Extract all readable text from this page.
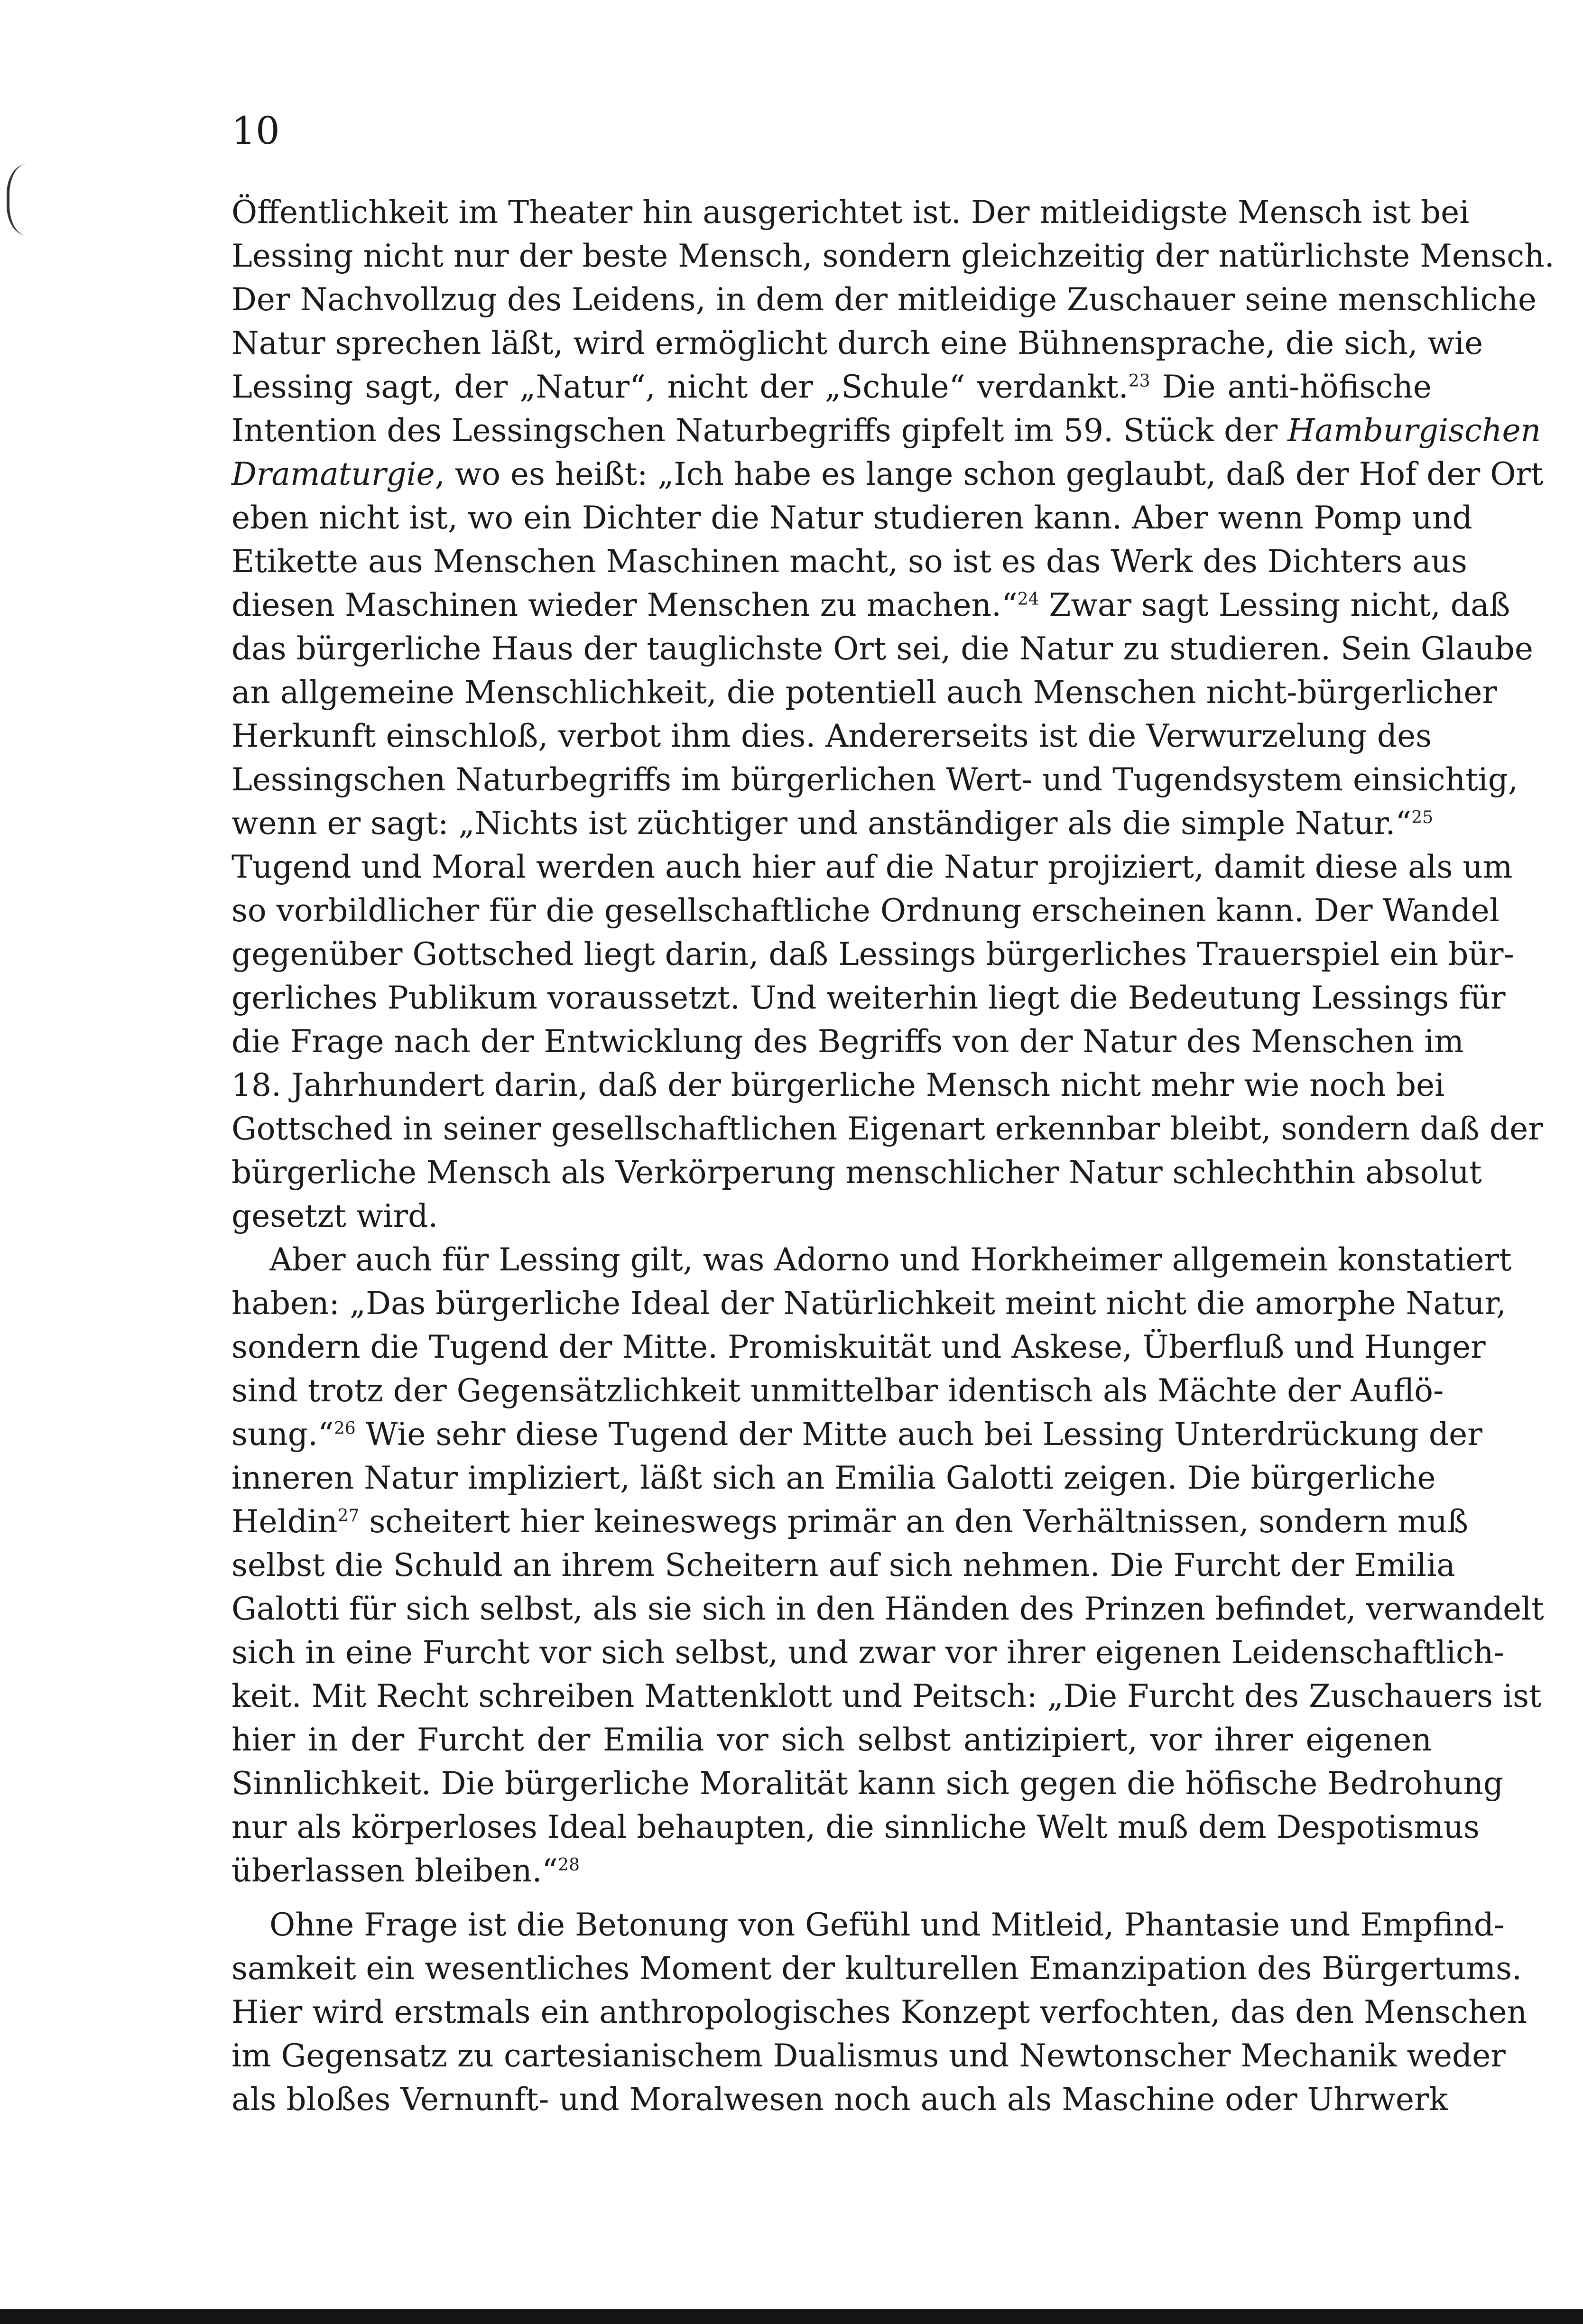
10
Öffentlichkeit im Theater hin ausgerichtet ist. Der mitleidigste Mensch ist bei
Lessing nicht nur der beste Mensch, sondern gleichzeitig der natürlichste Mensch.
Der Nachvollzug des Leidens, in dem der mitleidige Zuschauer seine menschliche
Natur sprechen läßt, wird ermöglicht durch eine Bühnensprache, die sich, wie
Lessing sagt, der „Natur“, nicht der „Schule“ verdankt.$^{23}$ Die anti-höfische
Intention des Lessingschen Naturbegriffs gipfelt im 59. Stück der Hamburgischen
Dramaturgie, wo es heißt: „Ich habe es lange schon geglaubt, daß der Hof der Ort
eben nicht ist, wo ein Dichter die Natur studieren kann. Aber wenn Pomp und
Etikette aus Menschen Maschinen macht, so ist es das Werk des Dichters aus
diesen Maschinen wieder Menschen zu machen.“$^{24}$ Zwar sagt Lessing nicht, daß
das bürgerliche Haus der tauglichste Ort sei, die Natur zu studieren. Sein Glaube
an allgemeine Menschlichkeit, die potentiell auch Menschen nicht-bürgerlicher
Herkunft einschloß, verbot ihm dies. Andererseits ist die Verwurzelung des
Lessingschen Naturbegriffs im bürgerlichen Wert- und Tugendsystem einsichtig,
wenn er sagt: „Nichts ist züchtiger und anständiger als die simple Natur.“$^{25}$
Tugend und Moral werden auch hier auf die Natur projiziert, damit diese als um
so vorbildlicher für die gesellschaftliche Ordnung erscheinen kann. Der Wandel
gegenüber Gottsched liegt darin, daß Lessings bürgerliches Trauerspiel ein bür-
gerliches Publikum voraussetzt. Und weiterhin liegt die Bedeutung Lessings für
die Frage nach der Entwicklung des Begriffs von der Natur des Menschen im
18. Jahrhundert darin, daß der bürgerliche Mensch nicht mehr wie noch bei
Gottsched in seiner gesellschaftlichen Eigenart erkennbar bleibt, sondern daß der
bürgerliche Mensch als Verkörperung menschlicher Natur schlechthin absolut
gesetzt wird.
Aber auch für Lessing gilt, was Adorno und Horkheimer allgemein konstatiert
haben: „Das bürgerliche Ideal der Natürlichkeit meint nicht die amorphe Natur,
sondern die Tugend der Mitte. Promiskuität und Askese, Überfluß und Hunger
sind trotz der Gegensätzlichkeit unmittelbar identisch als Mächte der Auflö-
sung.“$^{26}$ Wie sehr diese Tugend der Mitte auch bei Lessing Unterdrückung der
inneren Natur impliziert, läßt sich an Emilia Galotti zeigen. Die bürgerliche
Heldin$^{27}$ scheitert hier keineswegs primär an den Verhältnissen, sondern muß
selbst die Schuld an ihrem Scheitern auf sich nehmen. Die Furcht der Emilia
Galotti für sich selbst, als sie sich in den Händen des Prinzen befindet, verwandelt
sich in eine Furcht vor sich selbst, und zwar vor ihrer eigenen Leidenschaftlich-
keit. Mit Recht schreiben Mattenklott und Peitsch: „Die Furcht des Zuschauers ist
hier in der Furcht der Emilia vor sich selbst antizipiert, vor ihrer eigenen
Sinnlichkeit. Die bürgerliche Moralität kann sich gegen die höfische Bedrohung
nur als körperloses Ideal behaupten, die sinnliche Welt muß dem Despotismus
überlassen bleiben.“$^{28}$
Ohne Frage ist die Betonung von Gefühl und Mitleid, Phantasie und Empfind-
samkeit ein wesentliches Moment der kulturellen Emanzipation des Bürgertums.
Hier wird erstmals ein anthropologisches Konzept verfochten, das den Menschen
im Gegensatz zu cartesianischem Dualismus und Newtonscher Mechanik weder
als bloßes Vernunft- und Moralwesen noch auch als Maschine oder Uhrwerk
